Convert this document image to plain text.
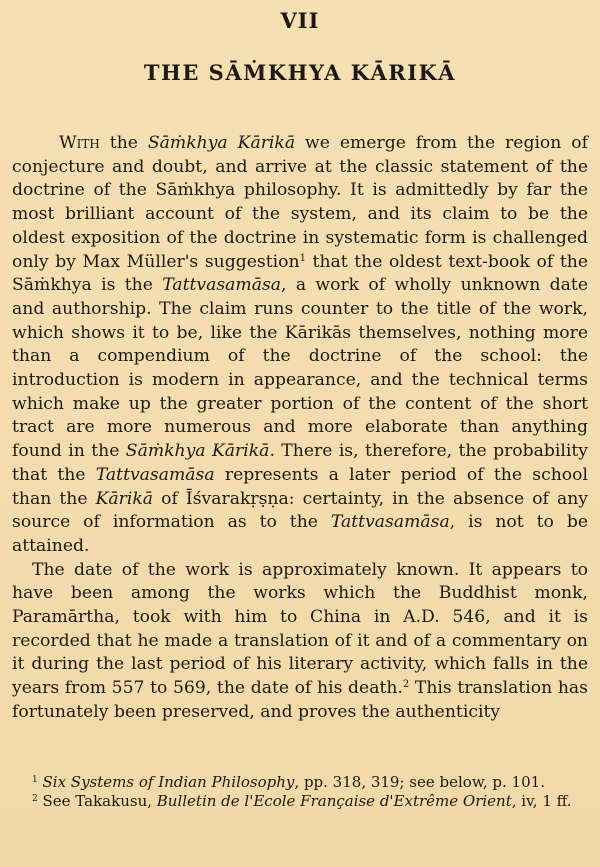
VII
THE SĀṀKHYA KĀRIKĀ

With the Sāṁkhya Kārikā we emerge from the region of conjecture and doubt, and arrive at the classic statement of the doctrine of the Sāṁkhya philosophy. It is admittedly by far the most brilliant account of the system, and its claim to be the oldest exposition of the doctrine in systematic form is challenged only by Max Müller's suggestion$^1$ that the oldest text-book of the Sāṁkhya is the Tattvasamāsa, a work of wholly unknown date and authorship. The claim runs counter to the title of the work, which shows it to be, like the Kārikās themselves, nothing more than a compendium of the doctrine of the school: the introduction is modern in appearance, and the technical terms which make up the greater portion of the content of the short tract are more numerous and more elaborate than anything found in the Sāṁkhya Kārikā. There is, therefore, the probability that the Tattvasamāsa represents a later period of the school than the Kārikā of Īśvarakṛṣṇa: certainty, in the absence of any source of information as to the Tattvasamāsa, is not to be attained.

The date of the work is approximately known. It appears to have been among the works which the Buddhist monk, Paramārtha, took with him to China in A.D. 546, and it is recorded that he made a translation of it and of a commentary on it during the last period of his literary activity, which falls in the years from 557 to 569, the date of his death.$^2$ This translation has fortunately been preserved, and proves the authenticity

$^1$ Six Systems of Indian Philosophy, pp. 318, 319; see below, p. 101.

$^2$ See Takakusu, Bulletin de l'Ecole Française d'Extrême Orient, iv, 1 ff.
